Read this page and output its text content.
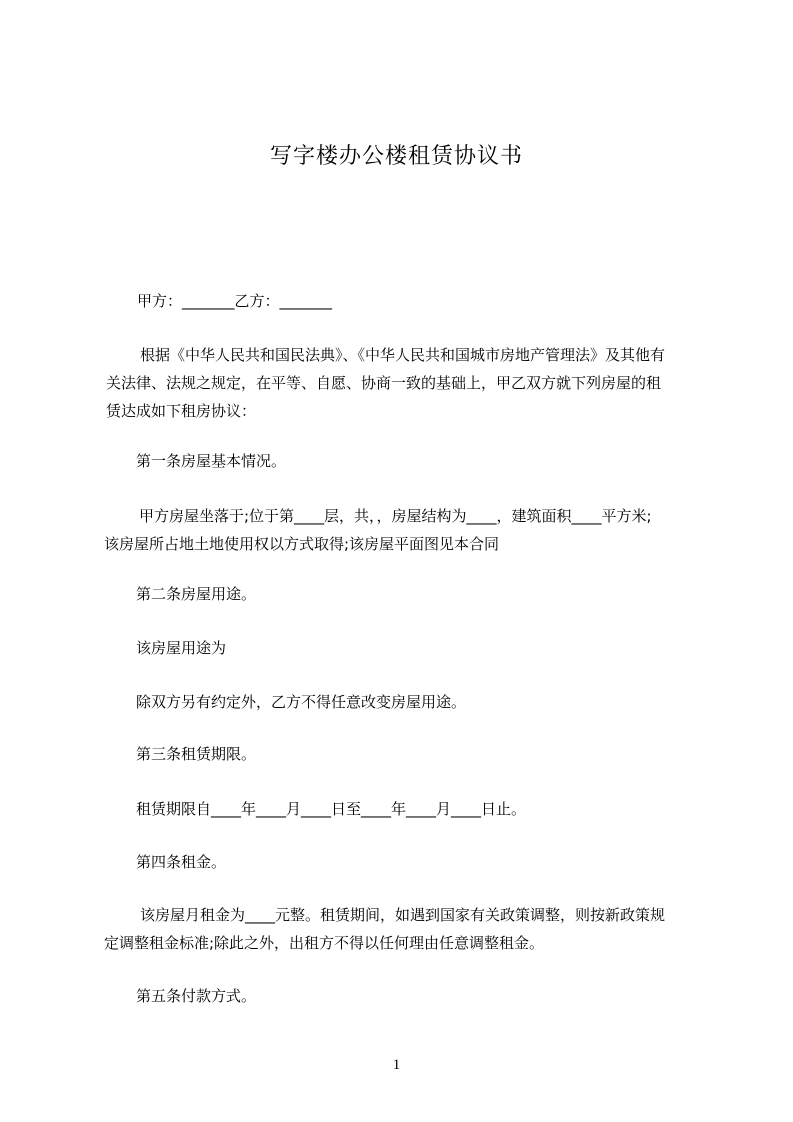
写字楼办公楼租赁协议书

甲方：_______乙方：_______

根据《中华人民共和国民法典》、《中华人民共和国城市房地产管理法》及其他有

关法律、法规之规定，在平等、自愿、协商一致的基础上，甲乙双方就下列房屋的租

赁达成如下租房协议：

第一条房屋基本情况。

甲方房屋坐落于;位于第____层，共，，房屋结构为____，建筑面积____平方米;

该房屋所占地土地使用权以方式取得;该房屋平面图见本合同

第二条房屋用途。

该房屋用途为

除双方另有约定外，乙方不得任意改变房屋用途。

第三条租赁期限。

租赁期限自____年____月____日至____年____月____日止。

第四条租金。

该房屋月租金为____元整。租赁期间，如遇到国家有关政策调整，则按新政策规

定调整租金标准;除此之外，出租方不得以任何理由任意调整租金。

第五条付款方式。

1
